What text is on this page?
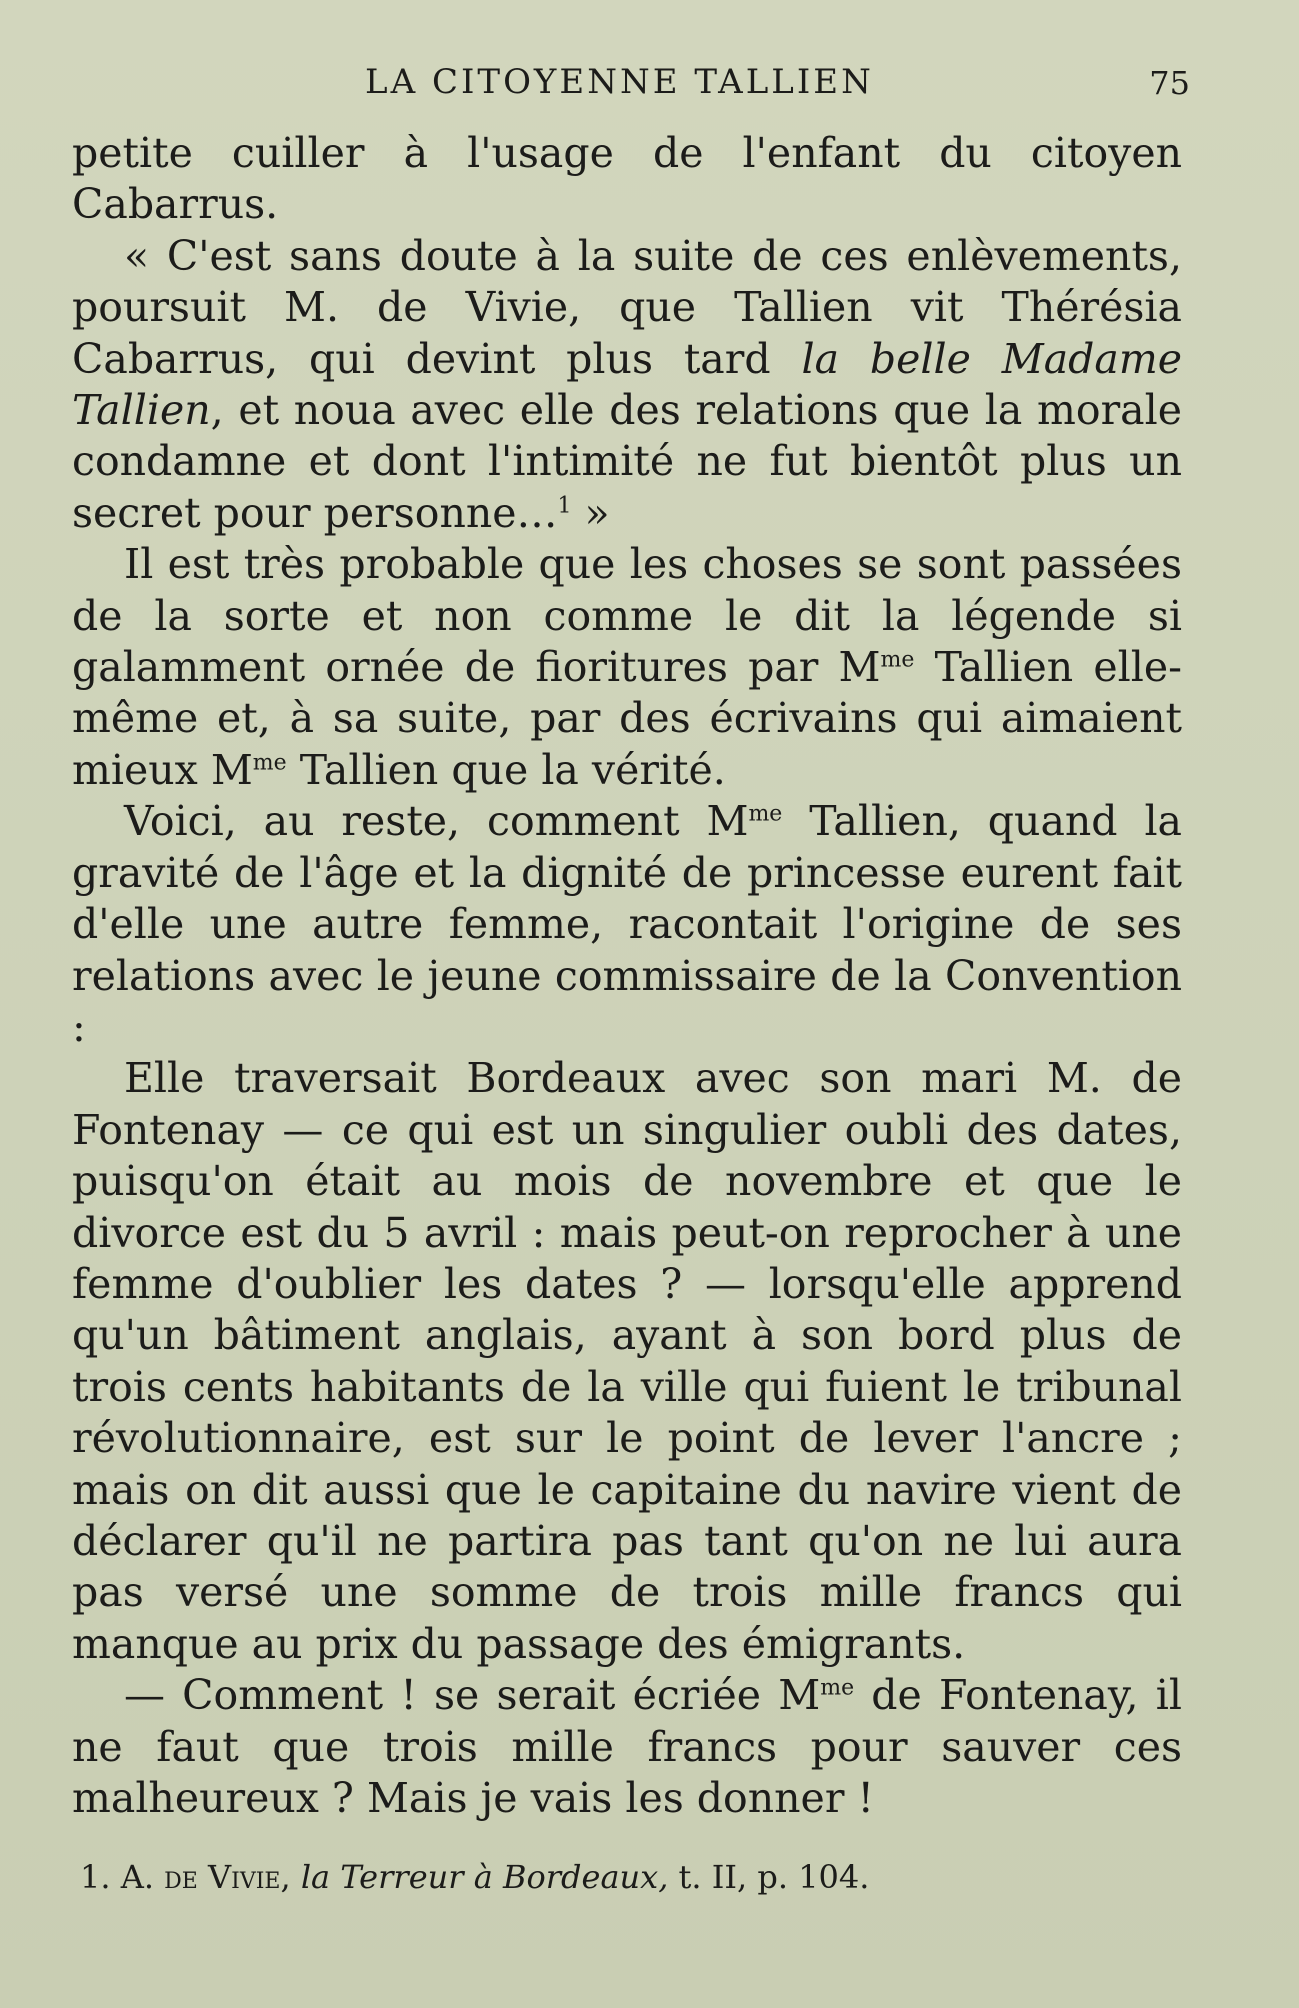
LA CITOYENNE TALLIEN	75

petite cuiller à l'usage de l'enfant du citoyen Cabarrus.

« C'est sans doute à la suite de ces enlèvements, poursuit M. de Vivie, que Tallien vit Thérésia Cabarrus, qui devint plus tard la belle Madame Tallien, et noua avec elle des relations que la morale condamne et dont l'intimité ne fut bientôt plus un secret pour personne…$^1$ »

Il est très probable que les choses se sont passées de la sorte et non comme le dit la légende si galamment ornée de fioritures par $M^{me}$ Tallien elle-même et, à sa suite, par des écrivains qui aimaient mieux $M^{me}$ Tallien que la vérité.

Voici, au reste, comment $M^{me}$ Tallien, quand la gravité de l'âge et la dignité de princesse eurent fait d'elle une autre femme, racontait l'origine de ses relations avec le jeune commissaire de la Convention :

Elle traversait Bordeaux avec son mari M. de Fontenay — ce qui est un singulier oubli des dates, puisqu'on était au mois de novembre et que le divorce est du 5 avril : mais peut-on reprocher à une femme d'oublier les dates ? — lorsqu'elle apprend qu'un bâtiment anglais, ayant à son bord plus de trois cents habitants de la ville qui fuient le tribunal révolutionnaire, est sur le point de lever l'ancre ; mais on dit aussi que le capitaine du navire vient de déclarer qu'il ne partira pas tant qu'on ne lui aura pas versé une somme de trois mille francs qui manque au prix du passage des émigrants.

— Comment ! se serait écriée $M^{me}$ de Fontenay, il ne faut que trois mille francs pour sauver ces malheureux ? Mais je vais les donner !

1. A. de Vivie, la Terreur à Bordeaux, t. II, p. 104.
